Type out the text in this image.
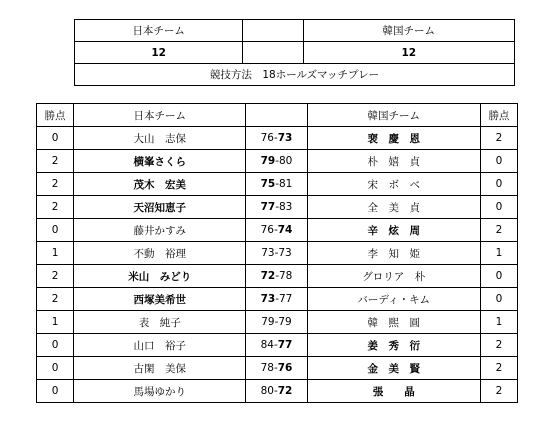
日本チーム		韓国チーム
12		12
競技方法　18ホールズマッチプレー		
勝点	日本チーム		韓国チーム	勝点
0	大山　志保	76-73	裵　慶　恩	2
2	横峯さくら	79-80	朴　嬉　貞	0
2	茂木　宏美	75-81	宋　ボ　ベ	0
2	天沼知恵子	77-83	全　美　貞	0
0	藤井かすみ	76-74	辛　炫　周	2
1	不動　裕理	73-73	李　知　姫	1
2	米山　みどり	72-78	グロリア　朴	0
2	西塚美希世	73-77	バーディ・キム	0
1	表　純子	79-79	韓　熙　圓	1
0	山口　裕子	84-77	姜　秀　衍	2
0	古閑　美保	78-76	金　美　賢	2
0	馬場ゆかり	80-72	張　　晶	2
